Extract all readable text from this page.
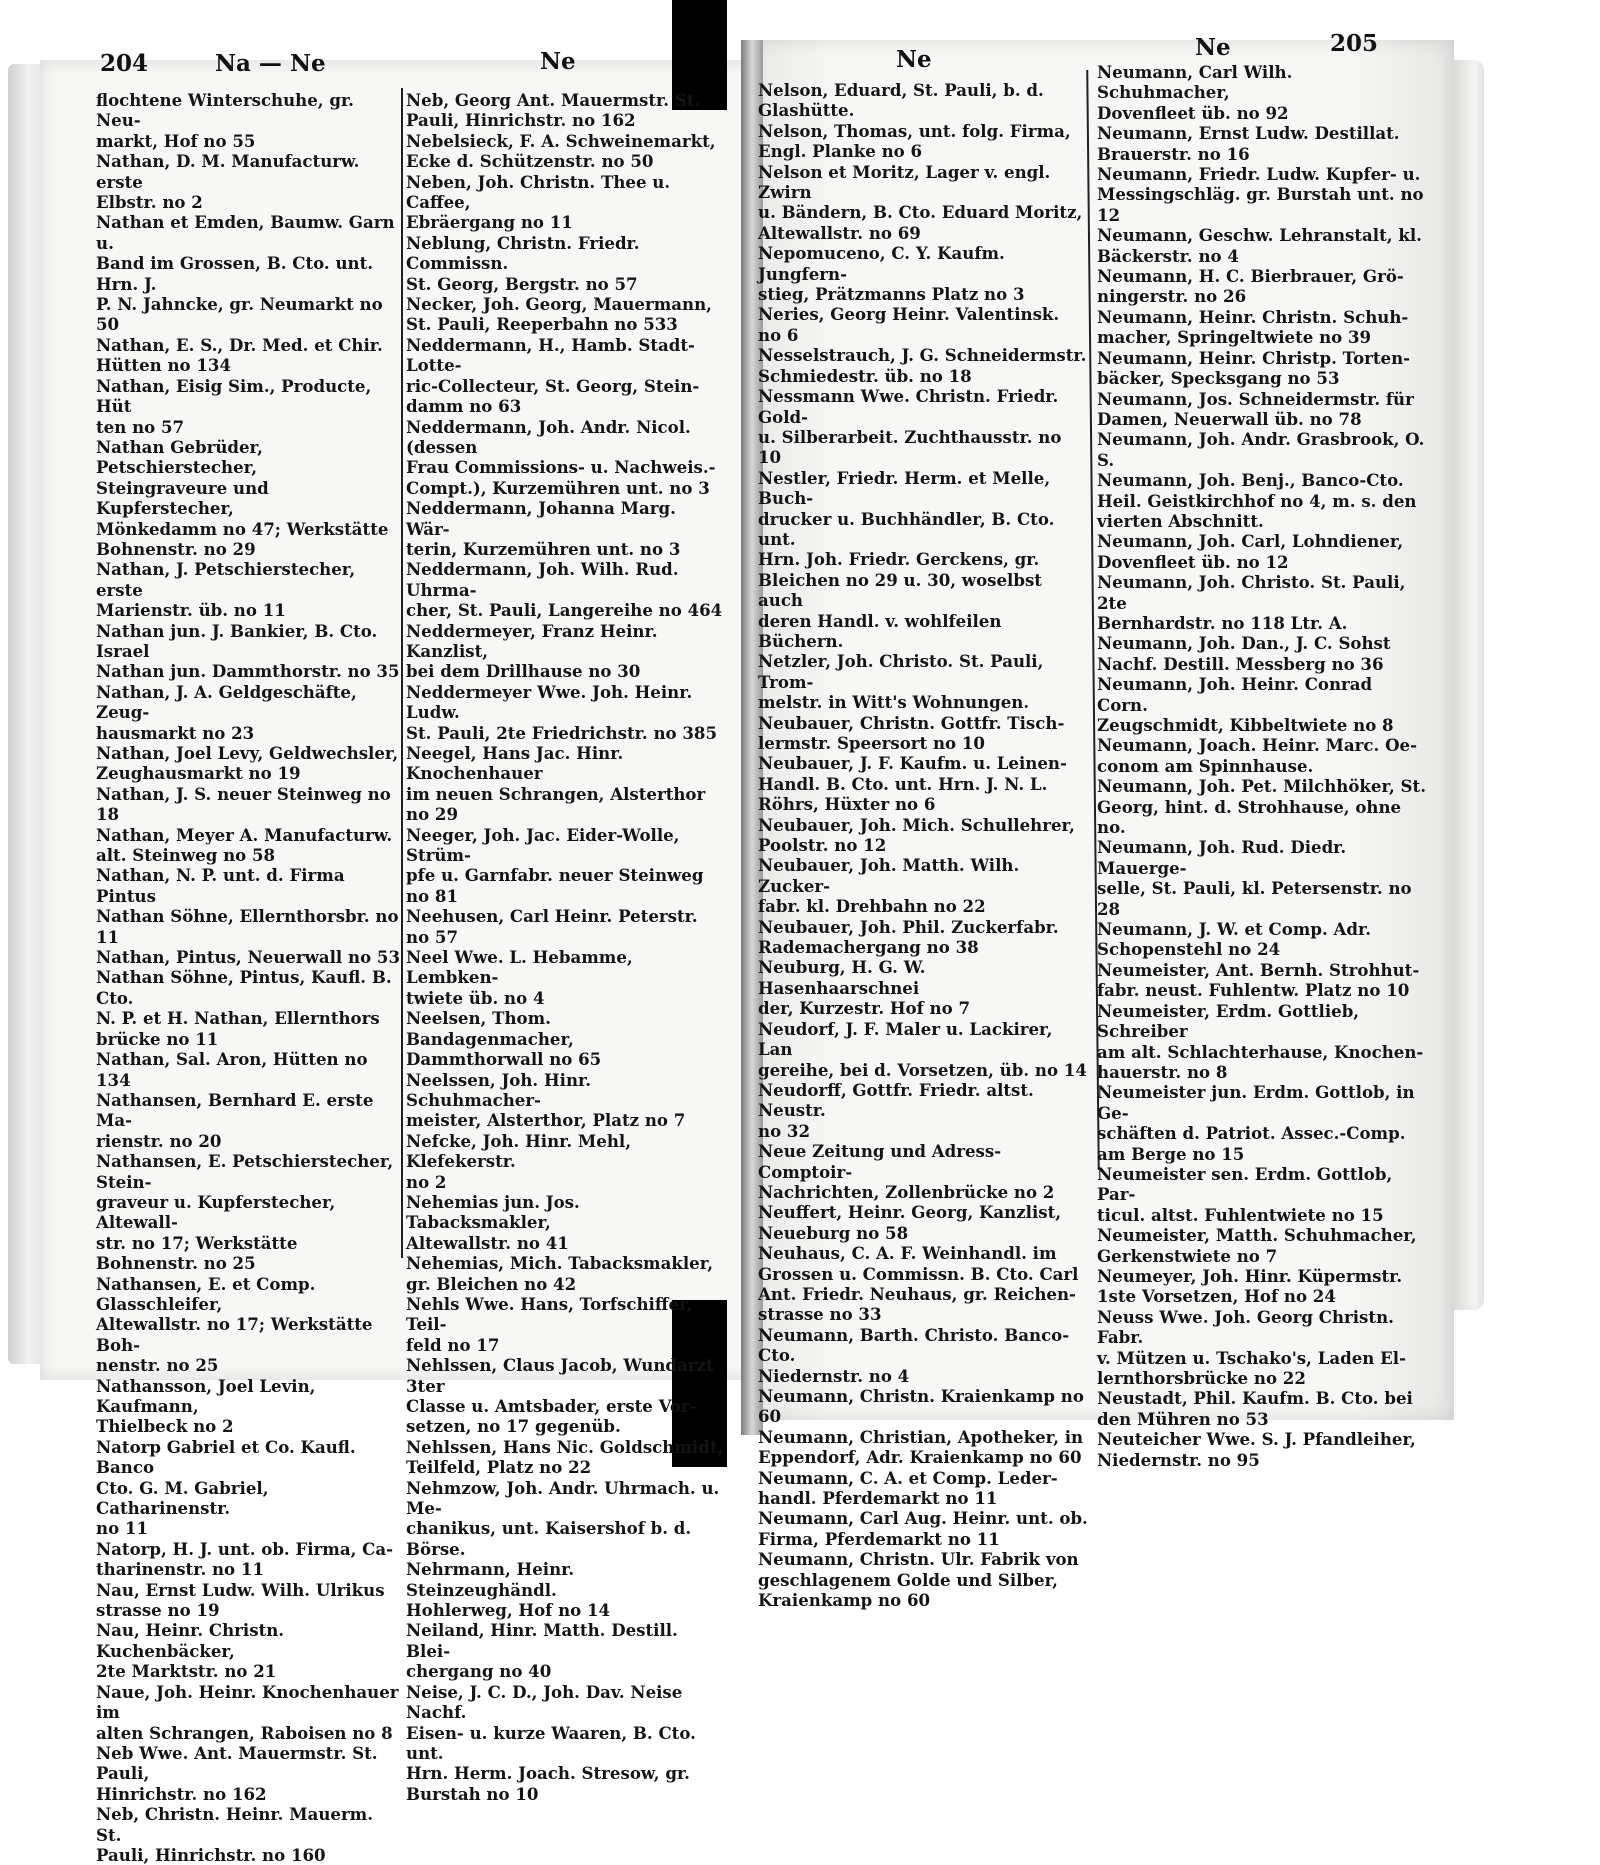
204	Na — Ne	Ne	Ne	Ne	205
flochtene Winterschuhe, gr. Neu-
markt, Hof no 55
Nathan, D. M. Manufacturw. erste
Elbstr. no 2
Nathan et Emden, Baumw. Garn u.
Band im Grossen, B. Cto. unt. Hrn. J.
P. N. Jahncke, gr. Neumarkt no 50
Nathan, E. S., Dr. Med. et Chir.
Hütten no 134
Nathan, Eisig Sim., Producte, Hüt
ten no 57
Nathan Gebrüder, Petschierstecher,
Steingraveure und Kupferstecher,
Mönkedamm no 47; Werkstätte
Bohnenstr. no 29
Nathan, J. Petschierstecher, erste
Marienstr. üb. no 11
Nathan jun. J. Bankier, B. Cto. Israel
Nathan jun. Dammthorstr. no 35
Nathan, J. A. Geldgeschäfte, Zeug-
hausmarkt no 23
Nathan, Joel Levy, Geldwechsler,
Zeughausmarkt no 19
Nathan, J. S. neuer Steinweg no 18
Nathan, Meyer A. Manufacturw.
alt. Steinweg no 58
Nathan, N. P. unt. d. Firma Pintus
Nathan Söhne, Ellernthorsbr. no 11
Nathan, Pintus, Neuerwall no 53
Nathan Söhne, Pintus, Kaufl. B. Cto.
N. P. et H. Nathan, Ellernthors
brücke no 11
Nathan, Sal. Aron, Hütten no 134
Nathansen, Bernhard E. erste Ma-
rienstr. no 20
Nathansen, E. Petschierstecher, Stein-
graveur u. Kupferstecher, Altewall-
str. no 17; Werkstätte Bohnenstr. no 25
Nathansen, E. et Comp. Glasschleifer,
Altewallstr. no 17; Werkstätte Boh-
nenstr. no 25
Nathansson, Joel Levin, Kaufmann,
Thielbeck no 2
Natorp Gabriel et Co. Kaufl. Banco
Cto. G. M. Gabriel, Catharinenstr.
no 11
Natorp, H. J. unt. ob. Firma, Ca-
tharinenstr. no 11
Nau, Ernst Ludw. Wilh. Ulrikus
strasse no 19
Nau, Heinr. Christn. Kuchenbäcker,
2te Marktstr. no 21
Naue, Joh. Heinr. Knochenhauer im
alten Schrangen, Raboisen no 8
Neb Wwe. Ant. Mauermstr. St. Pauli,
Hinrichstr. no 162
Neb, Christn. Heinr. Mauerm. St.
Pauli, Hinrichstr. no 160
Neb, Georg Ant. Mauermstr. St.
Pauli, Hinrichstr. no 162
Nebelsieck, F. A. Schweinemarkt,
Ecke d. Schützenstr. no 50
Neben, Joh. Christn. Thee u. Caffee,
Ebräergang no 11
Neblung, Christn. Friedr. Commissn.
St. Georg, Bergstr. no 57
Necker, Joh. Georg, Mauermann,
St. Pauli, Reeperbahn no 533
Neddermann, H., Hamb. Stadt-Lotte-
ric-Collecteur, St. Georg, Stein-
damm no 63
Neddermann, Joh. Andr. Nicol. (dessen
Frau Commissions- u. Nachweis.-
Compt.), Kurzemühren unt. no 3
Neddermann, Johanna Marg. Wär-
terin, Kurzemühren unt. no 3
Neddermann, Joh. Wilh. Rud. Uhrma-
cher, St. Pauli, Langereihe no 464
Neddermeyer, Franz Heinr. Kanzlist,
bei dem Drillhause no 30
Neddermeyer Wwe. Joh. Heinr. Ludw.
St. Pauli, 2te Friedrichstr. no 385
Neegel, Hans Jac. Hinr. Knochenhauer
im neuen Schrangen, Alsterthor no 29
Neeger, Joh. Jac. Eider-Wolle, Strüm-
pfe u. Garnfabr. neuer Steinweg no 81
Neehusen, Carl Heinr. Peterstr. no 57
Neel Wwe. L. Hebamme, Lembken-
twiete üb. no 4
Neelsen, Thom. Bandagenmacher,
Dammthorwall no 65
Neelssen, Joh. Hinr. Schuhmacher-
meister, Alsterthor, Platz no 7
Nefcke, Joh. Hinr. Mehl, Klefekerstr.
no 2
Nehemias jun. Jos. Tabacksmakler,
Altewallstr. no 41
Nehemias, Mich. Tabacksmakler,
gr. Bleichen no 42
Nehls Wwe. Hans, Torfschiffer, Teil-
feld no 17
Nehlssen, Claus Jacob, Wundarzt 3ter
Classe u. Amtsbader, erste Vor-
setzen, no 17 gegenüb.
Nehlssen, Hans Nic. Goldschmidt,
Teilfeld, Platz no 22
Nehmzow, Joh. Andr. Uhrmach. u. Me-
chanikus, unt. Kaisershof b. d. Börse.
Nehrmann, Heinr. Steinzeughändl.
Hohlerweg, Hof no 14
Neiland, Hinr. Matth. Destill. Blei-
chergang no 40
Neise, J. C. D., Joh. Dav. Neise Nachf.
Eisen- u. kurze Waaren, B. Cto. unt.
Hrn. Herm. Joach. Stresow, gr.
Burstah no 10
Nelson, Eduard, St. Pauli, b. d.
Glashütte.
Nelson, Thomas, unt. folg. Firma,
Engl. Planke no 6
Nelson et Moritz, Lager v. engl. Zwirn
u. Bändern, B. Cto. Eduard Moritz,
Altewallstr. no 69
Nepomuceno, C. Y. Kaufm. Jungfern-
stieg, Prätzmanns Platz no 3
Neries, Georg Heinr. Valentinsk. no 6
Nesselstrauch, J. G. Schneidermstr.
Schmiedestr. üb. no 18
Nessmann Wwe. Christn. Friedr. Gold-
u. Silberarbeit. Zuchthausstr. no 10
Nestler, Friedr. Herm. et Melle, Buch-
drucker u. Buchhändler, B. Cto. unt.
Hrn. Joh. Friedr. Gerckens, gr.
Bleichen no 29 u. 30, woselbst auch
deren Handl. v. wohlfeilen Büchern.
Netzler, Joh. Christo. St. Pauli, Trom-
melstr. in Witt's Wohnungen.
Neubauer, Christn. Gottfr. Tisch-
lermstr. Speersort no 10
Neubauer, J. F. Kaufm. u. Leinen-
Handl. B. Cto. unt. Hrn. J. N. L.
Röhrs, Hüxter no 6
Neubauer, Joh. Mich. Schullehrer,
Poolstr. no 12
Neubauer, Joh. Matth. Wilh. Zucker-
fabr. kl. Drehbahn no 22
Neubauer, Joh. Phil. Zuckerfabr.
Rademachergang no 38
Neuburg, H. G. W. Hasenhaarschnei
der, Kurzestr. Hof no 7
Neudorf, J. F. Maler u. Lackirer, Lan
gereihe, bei d. Vorsetzen, üb. no 14
Neudorff, Gottfr. Friedr. altst. Neustr.
no 32
Neue Zeitung und Adress-Comptoir-
Nachrichten, Zollenbrücke no 2
Neuffert, Heinr. Georg, Kanzlist,
Neueburg no 58
Neuhaus, C. A. F. Weinhandl. im
Grossen u. Commissn. B. Cto. Carl
Ant. Friedr. Neuhaus, gr. Reichen-
strasse no 33
Neumann, Barth. Christo. Banco-Cto.
Niedernstr. no 4
Neumann, Christn. Kraienkamp no 60
Neumann, Christian, Apotheker, in
Eppendorf, Adr. Kraienkamp no 60
Neumann, C. A. et Comp. Leder-
handl. Pferdemarkt no 11
Neumann, Carl Aug. Heinr. unt. ob.
Firma, Pferdemarkt no 11
Neumann, Christn. Ulr. Fabrik von
geschlagenem Golde und Silber,
Kraienkamp no 60
Neumann, Carl Wilh. Schuhmacher,
Dovenfleet üb. no 92
Neumann, Ernst Ludw. Destillat.
Brauerstr. no 16
Neumann, Friedr. Ludw. Kupfer- u.
Messingschläg. gr. Burstah unt. no 12
Neumann, Geschw. Lehranstalt, kl.
Bäckerstr. no 4
Neumann, H. C. Bierbrauer, Grö-
ningerstr. no 26
Neumann, Heinr. Christn. Schuh-
macher, Springeltwiete no 39
Neumann, Heinr. Christp. Torten-
bäcker, Specksgang no 53
Neumann, Jos. Schneidermstr. für
Damen, Neuerwall üb. no 78
Neumann, Joh. Andr. Grasbrook, O. S.
Neumann, Joh. Benj., Banco-Cto.
Heil. Geistkirchhof no 4, m. s. den
vierten Abschnitt.
Neumann, Joh. Carl, Lohndiener,
Dovenfleet üb. no 12
Neumann, Joh. Christo. St. Pauli, 2te
Bernhardstr. no 118 Ltr. A.
Neumann, Joh. Dan., J. C. Sohst
Nachf. Destill. Messberg no 36
Neumann, Joh. Heinr. Conrad Corn.
Zeugschmidt, Kibbeltwiete no 8
Neumann, Joach. Heinr. Marc. Oe-
conom am Spinnhause.
Neumann, Joh. Pet. Milchhöker, St.
Georg, hint. d. Strohhause, ohne no.
Neumann, Joh. Rud. Diedr. Mauerge-
selle, St. Pauli, kl. Petersenstr. no 28
Neumann, J. W. et Comp. Adr.
Schopenstehl no 24
Neumeister, Ant. Bernh. Strohhut-
fabr. neust. Fuhlentw. Platz no 10
Neumeister, Erdm. Gottlieb, Schreiber
am alt. Schlachterhause, Knochen-
hauerstr. no 8
Neumeister jun. Erdm. Gottlob, in Ge-
schäften d. Patriot. Assec.-Comp.
am Berge no 15
Neumeister sen. Erdm. Gottlob, Par-
ticul. altst. Fuhlentwiete no 15
Neumeister, Matth. Schuhmacher,
Gerkenstwiete no 7
Neumeyer, Joh. Hinr. Küpermstr.
1ste Vorsetzen, Hof no 24
Neuss Wwe. Joh. Georg Christn. Fabr.
v. Mützen u. Tschako's, Laden El-
lernthorsbrücke no 22
Neustadt, Phil. Kaufm. B. Cto. bei
den Mühren no 53
Neuteicher Wwe. S. J. Pfandleiher,
Niedernstr. no 95
